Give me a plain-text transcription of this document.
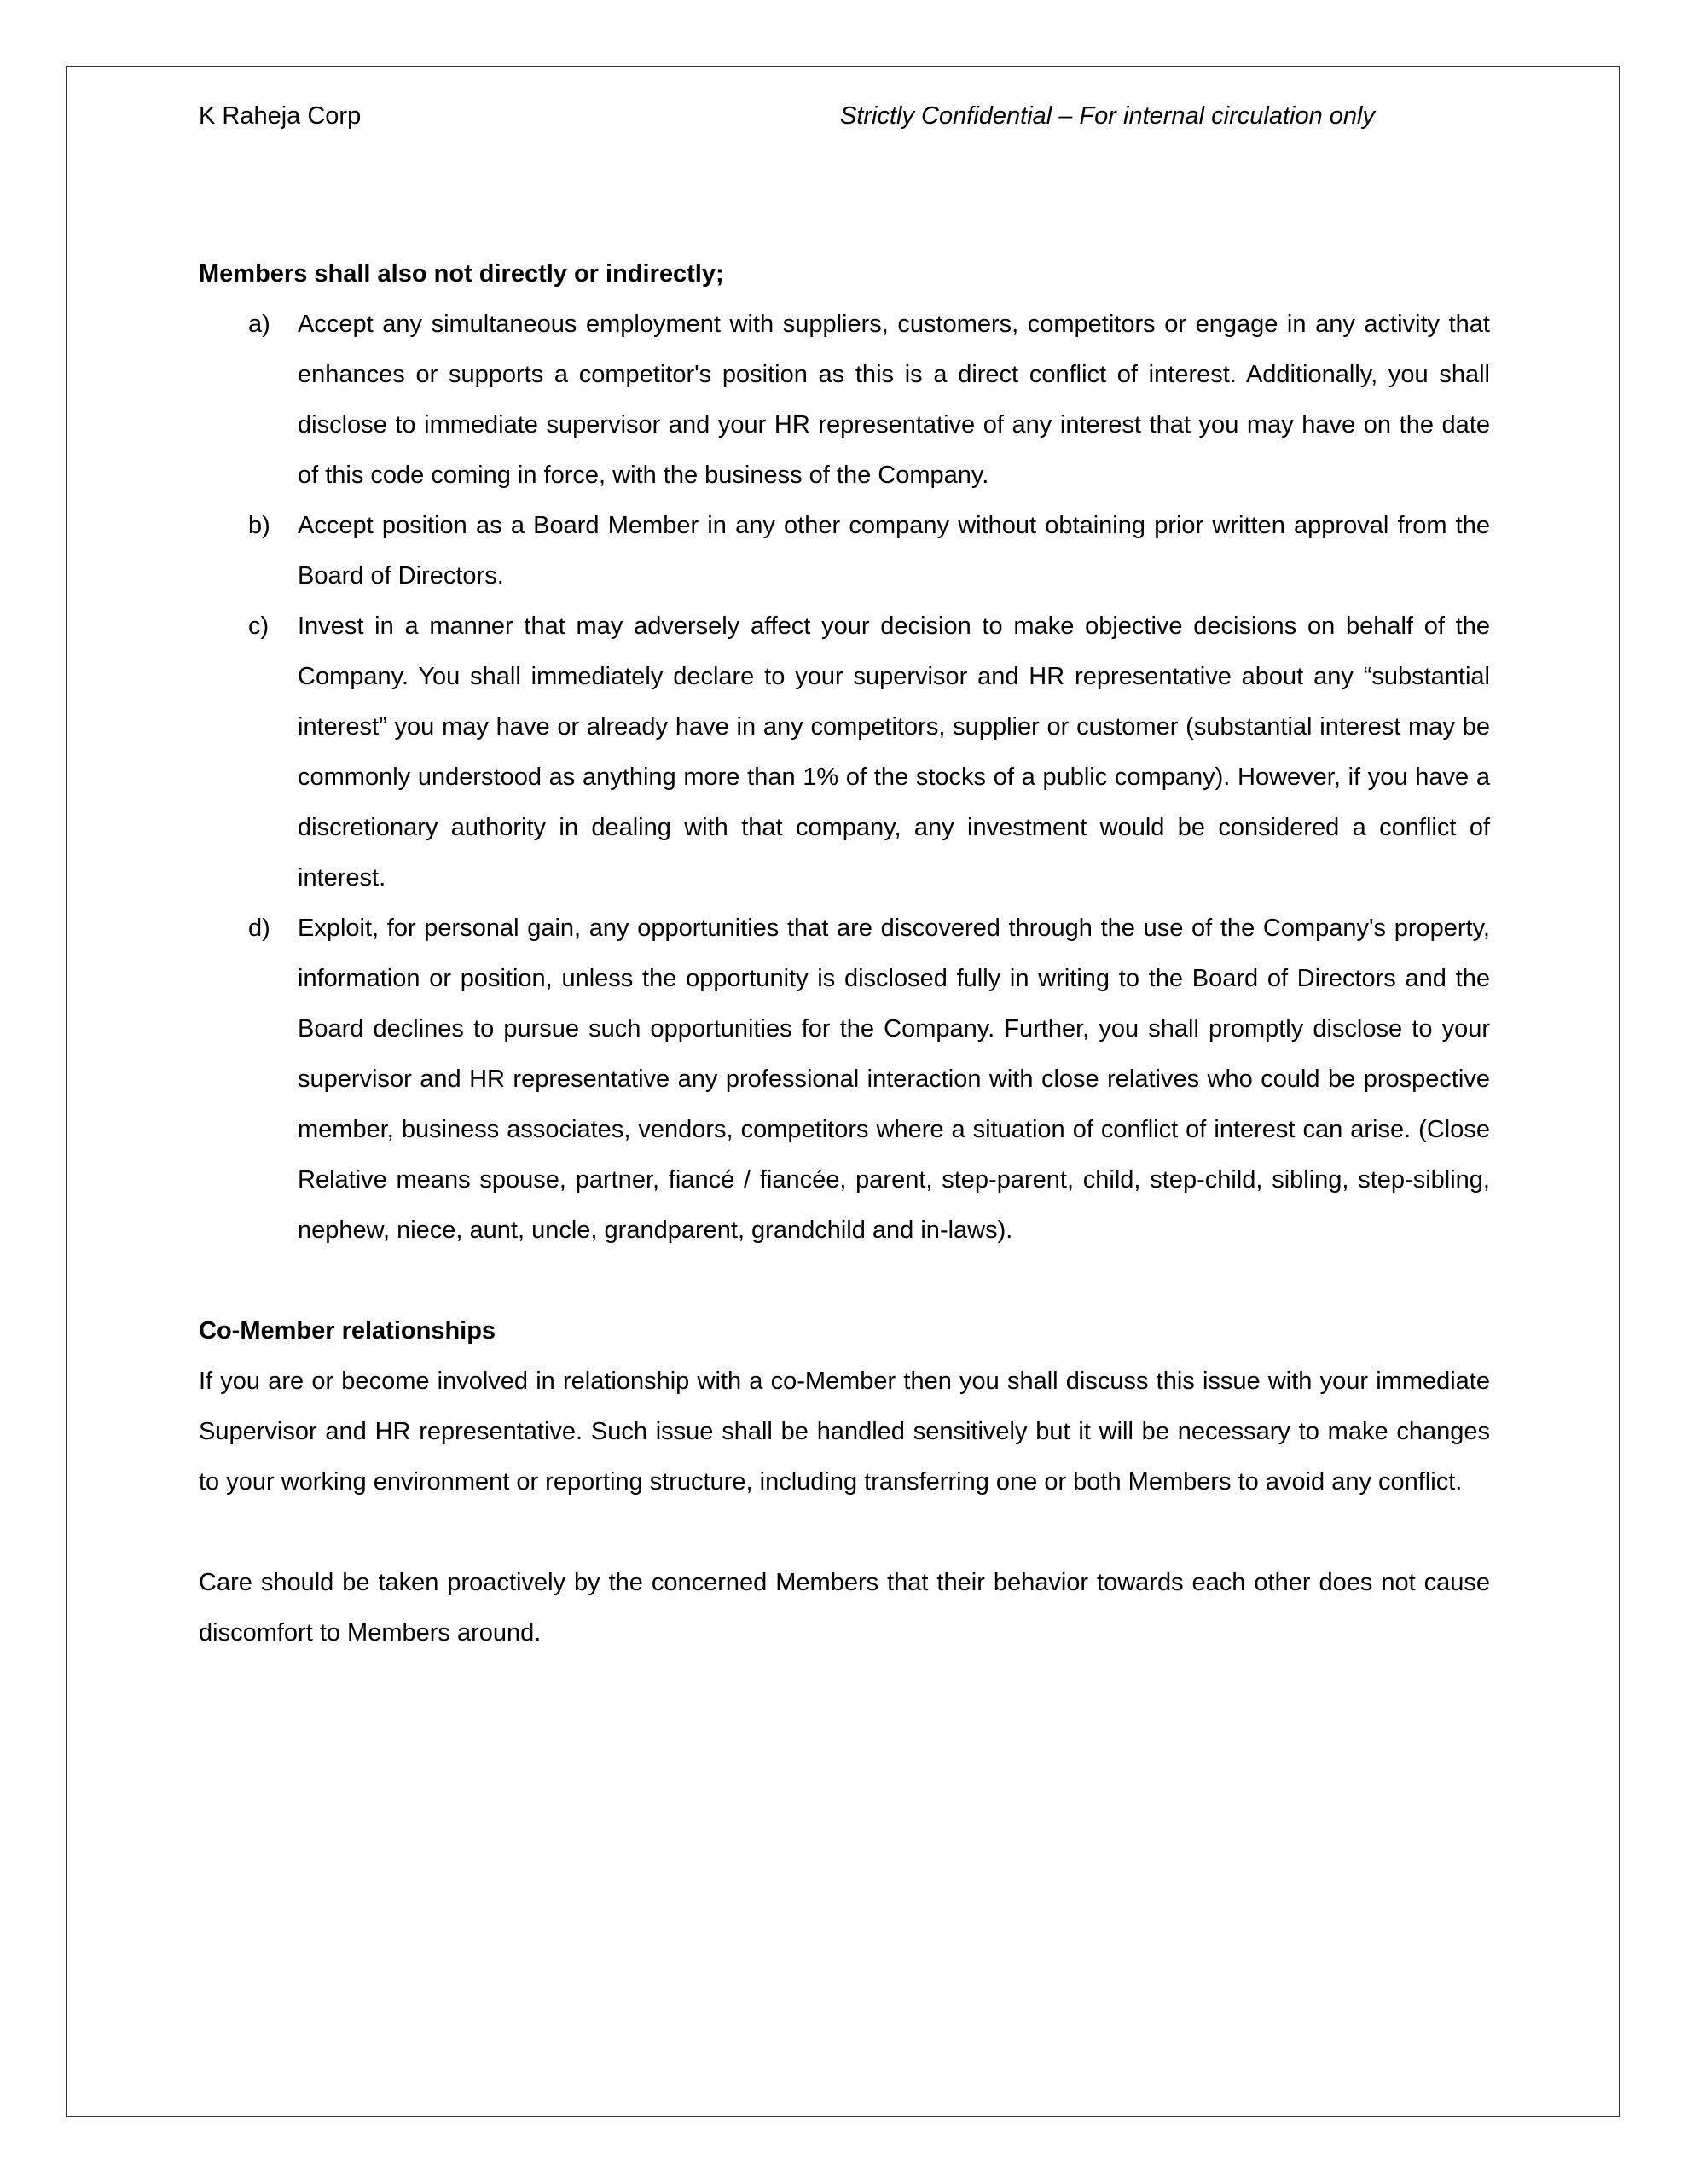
K Raheja Corp	Strictly Confidential – For internal circulation only

Members shall also not directly or indirectly;

a) Accept any simultaneous employment with suppliers, customers, competitors or engage in any activity that enhances or supports a competitor's position as this is a direct conflict of interest. Additionally, you shall disclose to immediate supervisor and your HR representative of any interest that you may have on the date of this code coming in force, with the business of the Company.
b) Accept position as a Board Member in any other company without obtaining prior written approval from the Board of Directors.
c) Invest in a manner that may adversely affect your decision to make objective decisions on behalf of the Company. You shall immediately declare to your supervisor and HR representative about any “substantial interest” you may have or already have in any competitors, supplier or customer (substantial interest may be commonly understood as anything more than 1% of the stocks of a public company). However, if you have a discretionary authority in dealing with that company, any investment would be considered a conflict of interest.
d) Exploit, for personal gain, any opportunities that are discovered through the use of the Company's property, information or position, unless the opportunity is disclosed fully in writing to the Board of Directors and the Board declines to pursue such opportunities for the Company. Further, you shall promptly disclose to your supervisor and HR representative any professional interaction with close relatives who could be prospective member, business associates, vendors, competitors where a situation of conflict of interest can arise. (Close Relative means spouse, partner, fiancé / fiancée, parent, step-parent, child, step-child, sibling, step-sibling, nephew, niece, aunt, uncle, grandparent, grandchild and in-laws).

Co-Member relationships

If you are or become involved in relationship with a co-Member then you shall discuss this issue with your immediate Supervisor and HR representative. Such issue shall be handled sensitively but it will be necessary to make changes to your working environment or reporting structure, including transferring one or both Members to avoid any conflict.

Care should be taken proactively by the concerned Members that their behavior towards each other does not cause discomfort to Members around.
